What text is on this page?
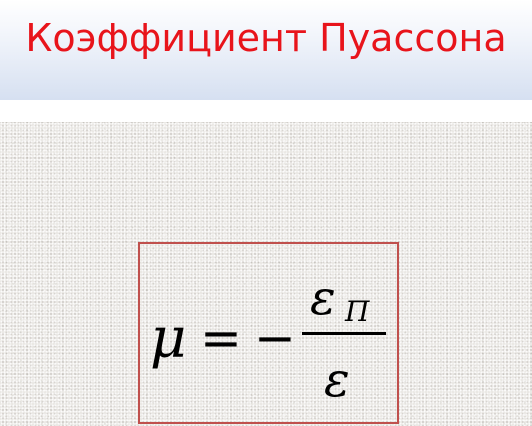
Коэффициент Пуассона
μ = −
ε П
ε
